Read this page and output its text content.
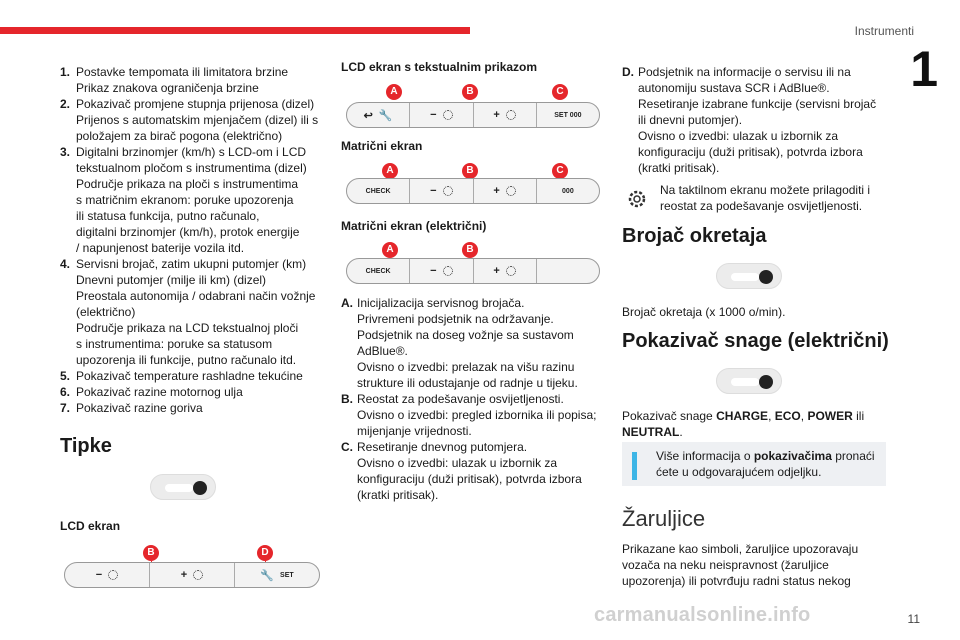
Instrumenti
1
11
carmanualsonline.info
1. Postavke tempomata ili limitatora brzine
Prikaz znakova ograničenja brzine
2. Pokazivač promjene stupnja prijenosa (dizel)
Prijenos s automatskim mjenjačem (dizel) ili s
položajem za birač pogona (električno)
3. Digitalni brzinomjer (km/h) s LCD-om i LCD
tekstualnom pločom s instrumentima (dizel)
Područje prikaza na ploči s instrumentima
s matričnim ekranom: poruke upozorenja
ili statusa funkcija, putno računalo,
digitalni brzinomjer (km/h), protok energije
/ napunjenost baterije vozila itd.
4. Servisni brojač, zatim ukupni putomjer (km)
Dnevni putomjer (milje ili km) (dizel)
Preostala autonomija / odabrani način vožnje
(električno)
Područje prikaza na LCD tekstualnoj ploči
s instrumentima: poruke sa statusom
upozorenja ili funkcije, putno računalo itd.
5. Pokazivač temperature rashladne tekućine
6. Pokazivač razine motornog ulja
7. Pokazivač razine goriva
Tipke
LCD ekran
B	D
−	+	🔧 SET
LCD ekran s tekstualnim prikazom
A	B	C
↩ 🔧	−	+	SET 000
Matrični ekran
A	B	C
CHECK	−	+	000
Matrični ekran (električni)
A	B
CHECK	−	+
A. Inicijalizacija servisnog brojača.
Privremeni podsjetnik na održavanje.
Podsjetnik na doseg vožnje sa sustavom
AdBlue®.
Ovisno o izvedbi: prelazak na višu razinu
strukture ili odustajanje od radnje u tijeku.
B. Reostat za podešavanje osvijetljenosti.
Ovisno o izvedbi: pregled izbornika ili popisa;
mijenjanje vrijednosti.
C. Resetiranje dnevnog putomjera.
Ovisno o izvedbi: ulazak u izbornik za
konfiguraciju (duži pritisak), potvrda izbora
(kratki pritisak).
D. Podsjetnik na informacije o servisu ili na
autonomiju sustava SCR i AdBlue®.
Resetiranje izabrane funkcije (servisni brojač
ili dnevni putomjer).
Ovisno o izvedbi: ulazak u izbornik za
konfiguraciju (duži pritisak), potvrda izbora
(kratki pritisak).
Na taktilnom ekranu možete prilagoditi i
reostat za podešavanje osvijetljenosti.
Brojač okretaja
Brojač okretaja (x 1000 o/min).
Pokazivač snage (električni)
Pokazivač snage CHARGE, ECO, POWER ili
NEUTRAL.
Više informacija o pokazivačima pronaći
ćete u odgovarajućem odjeljku.
Žaruljice
Prikazane kao simboli, žaruljice upozoravaju
vozača na neku neispravnost (žaruljice
upozorenja) ili potvrđuju radni status nekog
